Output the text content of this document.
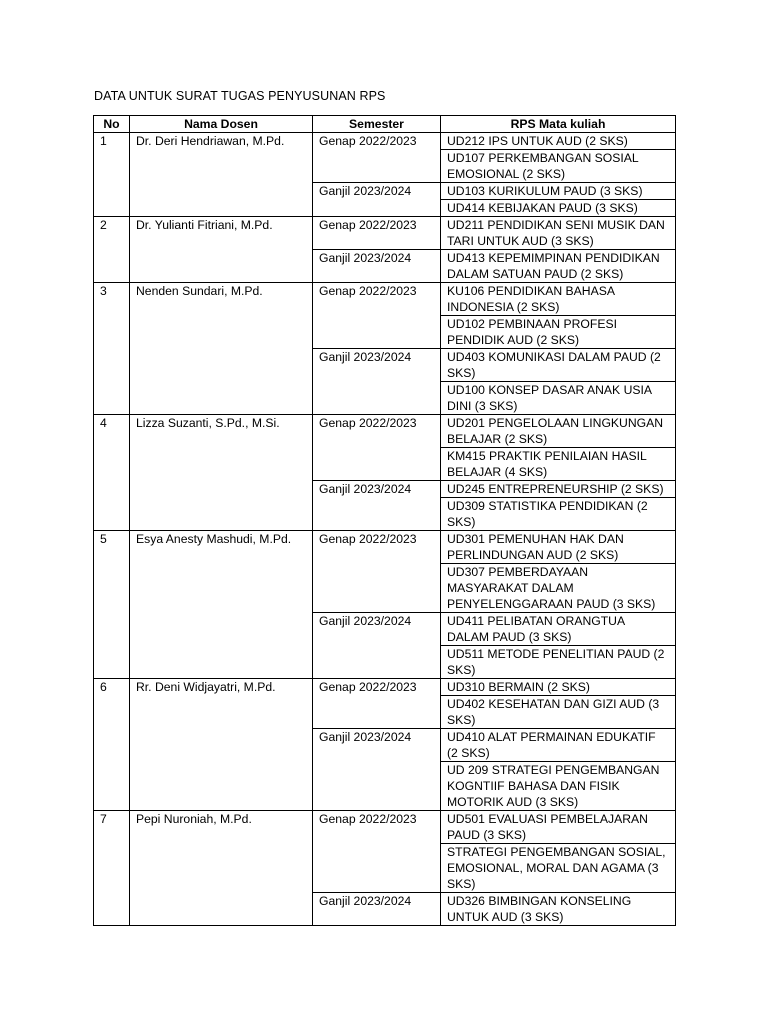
DATA UNTUK SURAT TUGAS PENYUSUNAN RPS
No	Nama Dosen	Semester	RPS Mata kuliah
1	Dr. Deri Hendriawan, M.Pd.	Genap 2022/2023	UD212 IPS UNTUK AUD (2 SKS)
			UD107 PERKEMBANGAN SOSIAL EMOSIONAL (2 SKS)
		Ganjil 2023/2024	UD103 KURIKULUM PAUD (3 SKS)
			UD414 KEBIJAKAN PAUD (3 SKS)
2	Dr. Yulianti Fitriani, M.Pd.	Genap 2022/2023	UD211 PENDIDIKAN SENI MUSIK DAN TARI UNTUK AUD (3 SKS)
		Ganjil 2023/2024	UD413 KEPEMIMPINAN PENDIDIKAN DALAM SATUAN PAUD (2 SKS)
3	Nenden Sundari, M.Pd.	Genap 2022/2023	KU106 PENDIDIKAN BAHASA INDONESIA (2 SKS)
			UD102 PEMBINAAN PROFESI PENDIDIK AUD (2 SKS)
		Ganjil 2023/2024	UD403 KOMUNIKASI DALAM PAUD (2 SKS)
			UD100 KONSEP DASAR ANAK USIA DINI (3 SKS)
4	Lizza Suzanti, S.Pd., M.Si.	Genap 2022/2023	UD201 PENGELOLAAN LINGKUNGAN BELAJAR (2 SKS)
			KM415 PRAKTIK PENILAIAN HASIL BELAJAR (4 SKS)
		Ganjil 2023/2024	UD245 ENTREPRENEURSHIP (2 SKS)
			UD309 STATISTIKA PENDIDIKAN (2 SKS)
5	Esya Anesty Mashudi, M.Pd.	Genap 2022/2023	UD301 PEMENUHAN HAK DAN PERLINDUNGAN AUD (2 SKS)
			UD307 PEMBERDAYAAN MASYARAKAT DALAM PENYELENGGARAAN PAUD (3 SKS)
		Ganjil 2023/2024	UD411 PELIBATAN ORANGTUA DALAM PAUD (3 SKS)
			UD511 METODE PENELITIAN PAUD (2 SKS)
6	Rr. Deni Widjayatri, M.Pd.	Genap 2022/2023	UD310 BERMAIN (2 SKS)
			UD402 KESEHATAN DAN GIZI AUD (3 SKS)
		Ganjil 2023/2024	UD410 ALAT PERMAINAN EDUKATIF (2 SKS)
			UD 209 STRATEGI PENGEMBANGAN KOGNTIIF BAHASA DAN FISIK MOTORIK AUD (3 SKS)
7	Pepi Nuroniah, M.Pd.	Genap 2022/2023	UD501 EVALUASI PEMBELAJARAN PAUD (3 SKS)
			STRATEGI PENGEMBANGAN SOSIAL, EMOSIONAL, MORAL DAN AGAMA (3 SKS)
		Ganjil 2023/2024	UD326 BIMBINGAN KONSELING UNTUK AUD (3 SKS)
